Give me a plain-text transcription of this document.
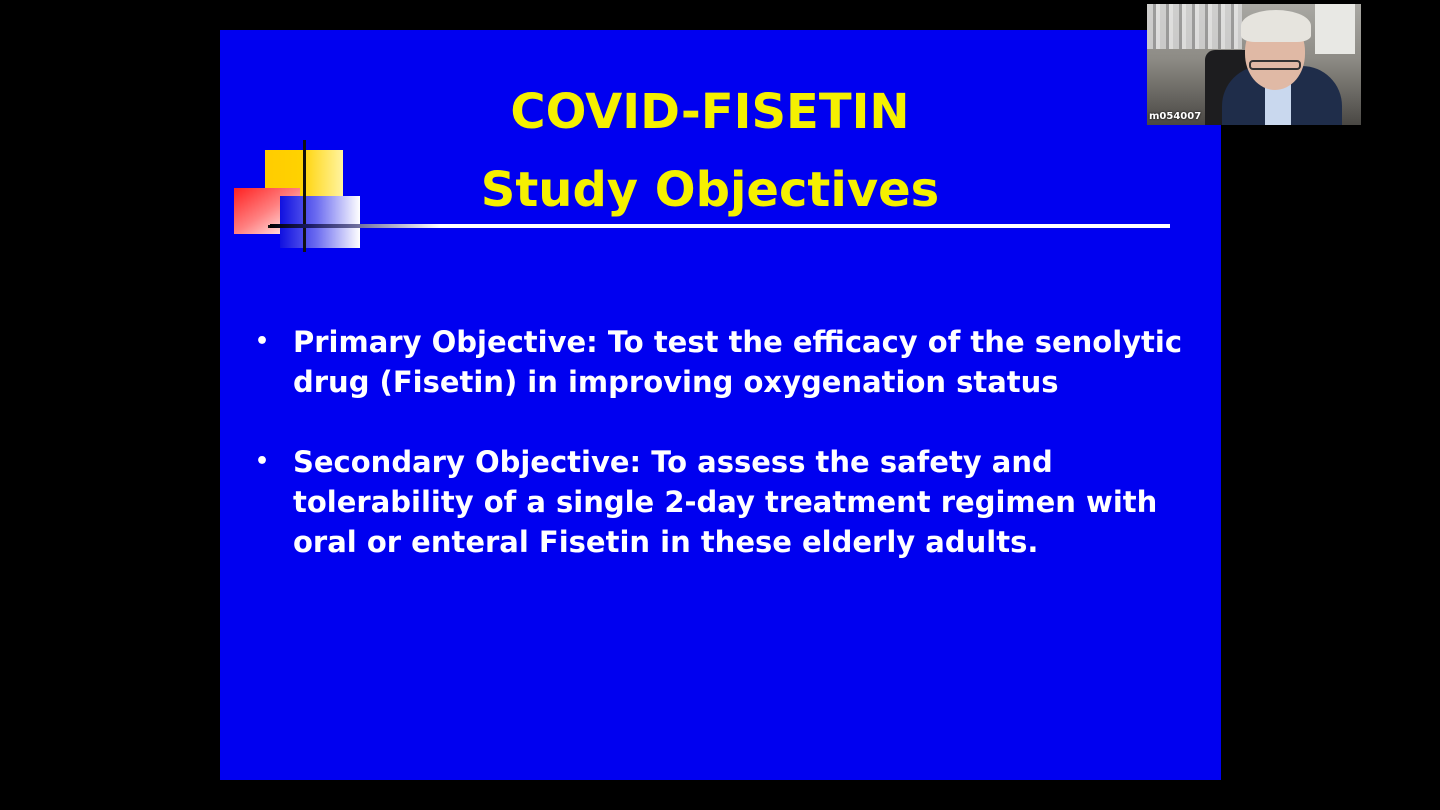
COVID-FISETIN
Study Objectives
• Primary Objective: To test the efficacy of the senolytic drug (Fisetin) in improving oxygenation status
• Secondary Objective: To assess the safety and tolerability of a single 2-day treatment regimen with oral or enteral Fisetin in these elderly adults.
m054007
